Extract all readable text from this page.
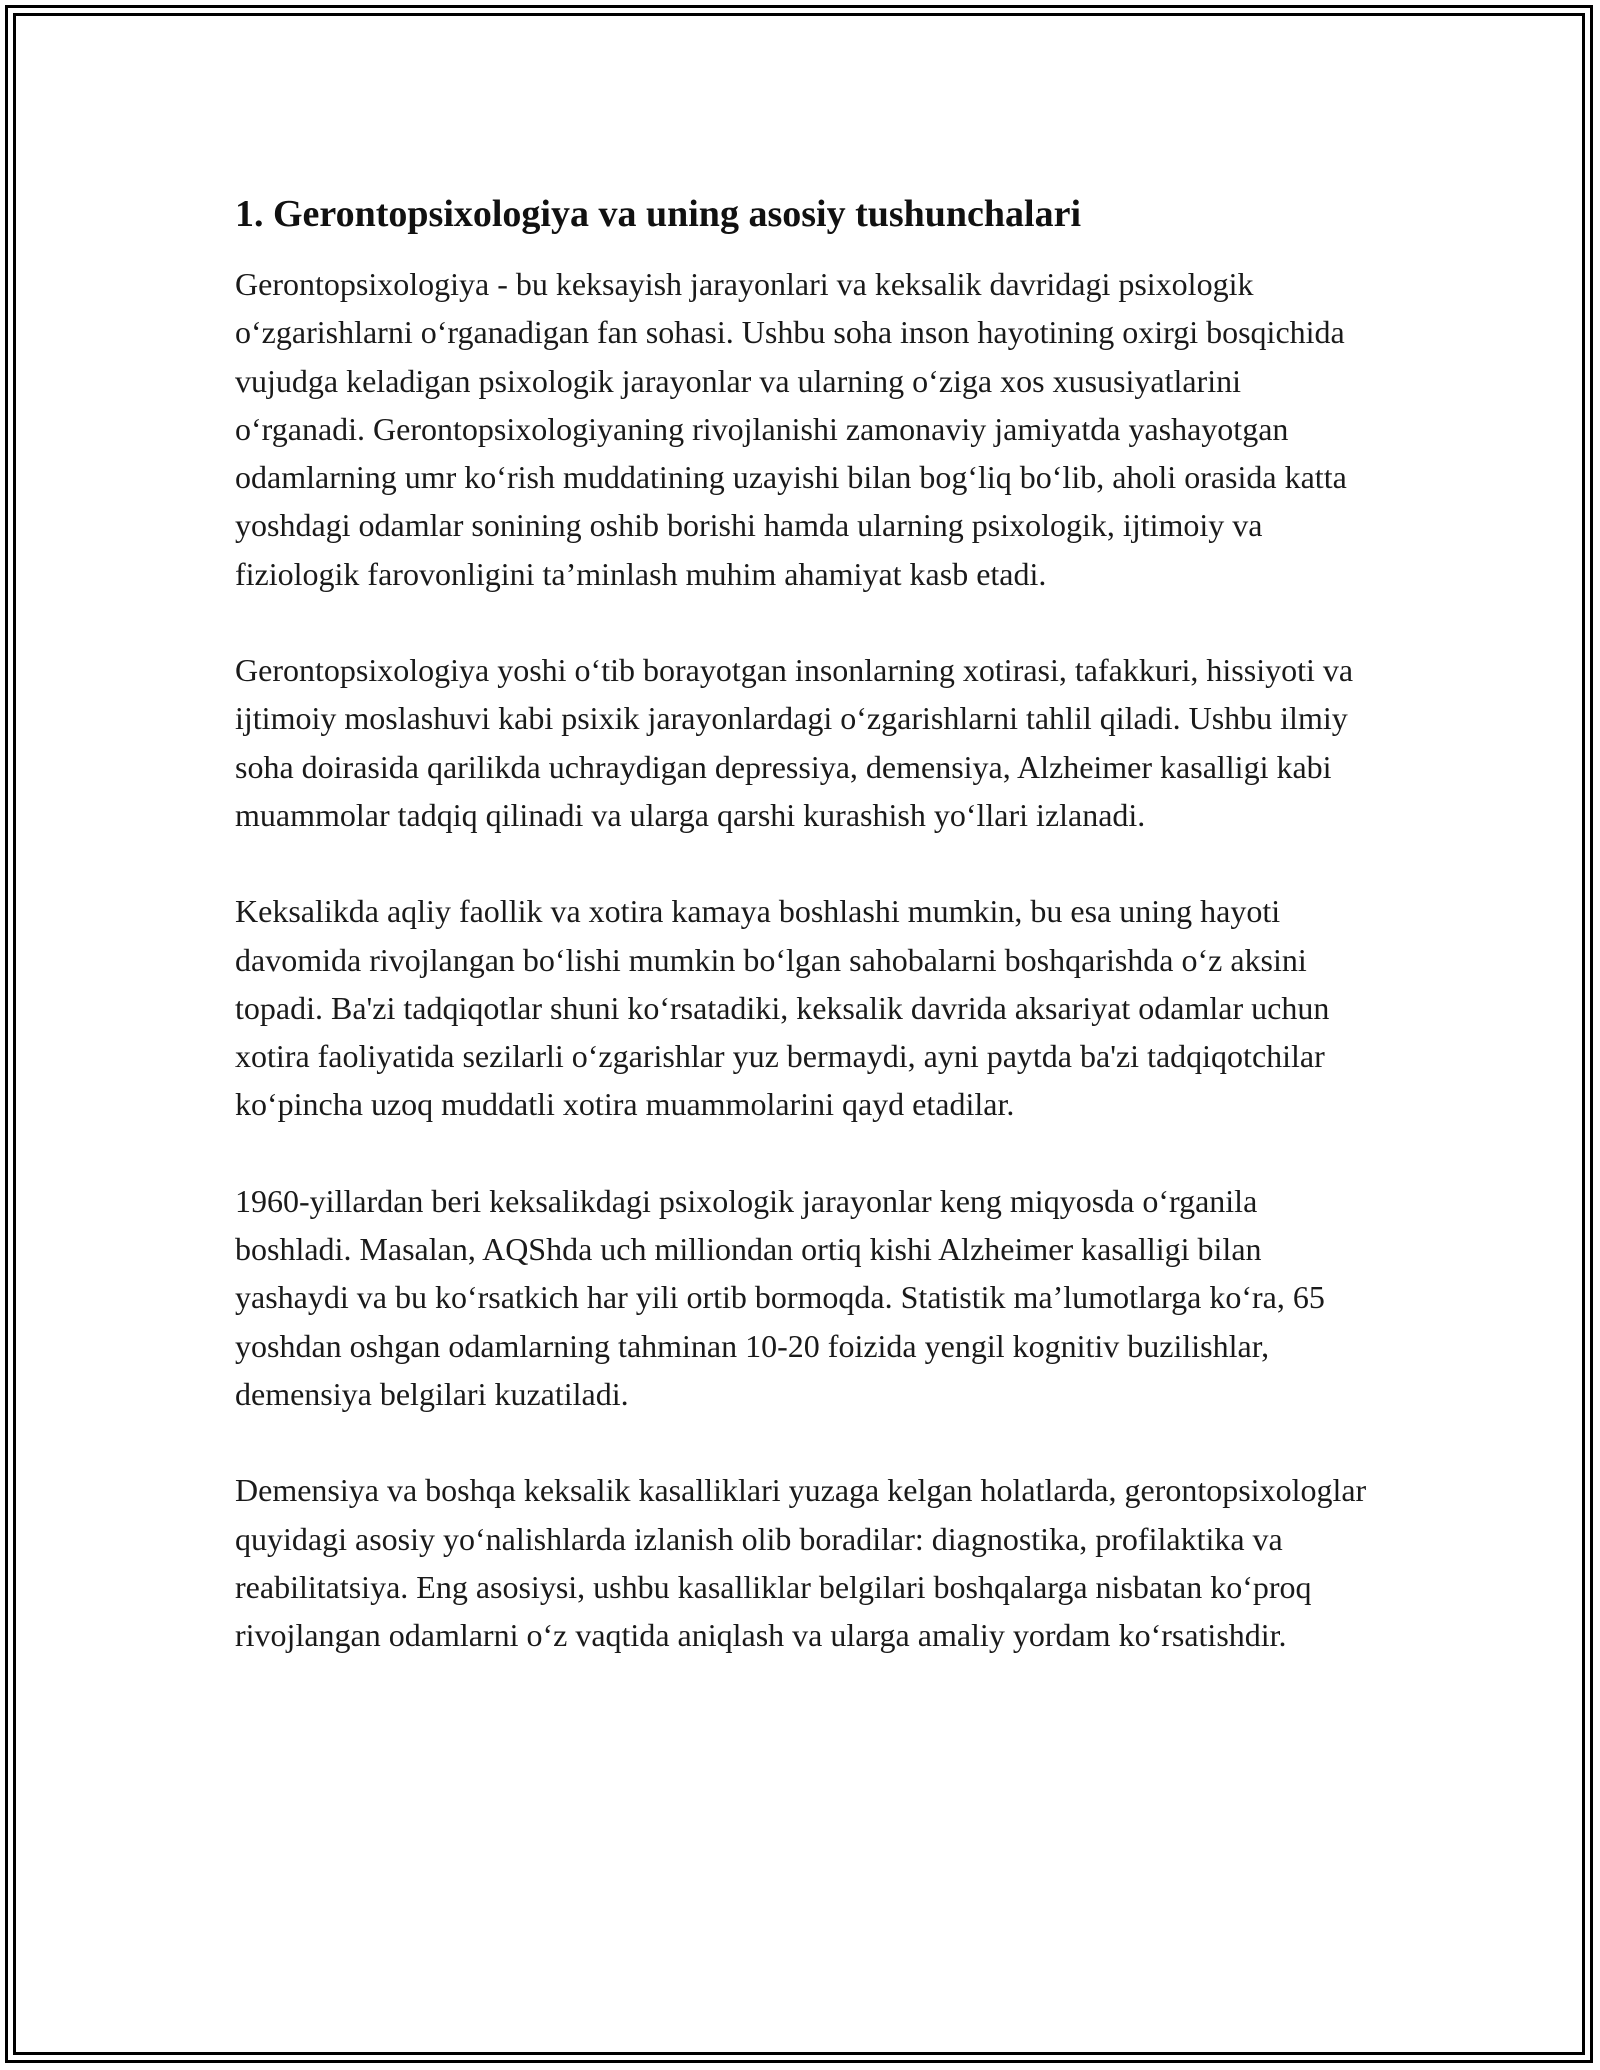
1. Gerontopsixologiya va uning asosiy tushunchalari

Gerontopsixologiya - bu keksayish jarayonlari va keksalik davridagi psixologik o‘zgarishlarni o‘rganadigan fan sohasi. Ushbu soha inson hayotining oxirgi bosqichida vujudga keladigan psixologik jarayonlar va ularning o‘ziga xos xususiyatlarini o‘rganadi. Gerontopsixologiyaning rivojlanishi zamonaviy jamiyatda yashayotgan odamlarning umr ko‘rish muddatining uzayishi bilan bog‘liq bo‘lib, aholi orasida katta yoshdagi odamlar sonining oshib borishi hamda ularning psixologik, ijtimoiy va fiziologik farovonligini ta’minlash muhim ahamiyat kasb etadi.

Gerontopsixologiya yoshi o‘tib borayotgan insonlarning xotirasi, tafakkuri, hissiyoti va ijtimoiy moslashuvi kabi psixik jarayonlardagi o‘zgarishlarni tahlil qiladi. Ushbu ilmiy soha doirasida qarilikda uchraydigan depressiya, demensiya, Alzheimer kasalligi kabi muammolar tadqiq qilinadi va ularga qarshi kurashish yo‘llari izlanadi.

Keksalikda aqliy faollik va xotira kamaya boshlashi mumkin, bu esa uning hayoti davomida rivojlangan bo‘lishi mumkin bo‘lgan sahobalarni boshqarishda o‘z aksini topadi. Ba'zi tadqiqotlar shuni ko‘rsatadiki, keksalik davrida aksariyat odamlar uchun xotira faoliyatida sezilarli o‘zgarishlar yuz bermaydi, ayni paytda ba'zi tadqiqotchilar ko‘pincha uzoq muddatli xotira muammolarini qayd etadilar.

1960-yillardan beri keksalikdagi psixologik jarayonlar keng miqyosda o‘rganila boshladi. Masalan, AQShda uch milliondan ortiq kishi Alzheimer kasalligi bilan yashaydi va bu ko‘rsatkich har yili ortib bormoqda. Statistik ma’lumotlarga ko‘ra, 65 yoshdan oshgan odamlarning tahminan 10-20 foizida yengil kognitiv buzilishlar, demensiya belgilari kuzatiladi.

Demensiya va boshqa keksalik kasalliklari yuzaga kelgan holatlarda, gerontopsixologlar quyidagi asosiy yo‘nalishlarda izlanish olib boradilar: diagnostika, profilaktika va reabilitatsiya. Eng asosiysi, ushbu kasalliklar belgilari boshqalarga nisbatan ko‘proq rivojlangan odamlarni o‘z vaqtida aniqlash va ularga amaliy yordam ko‘rsatishdir.
